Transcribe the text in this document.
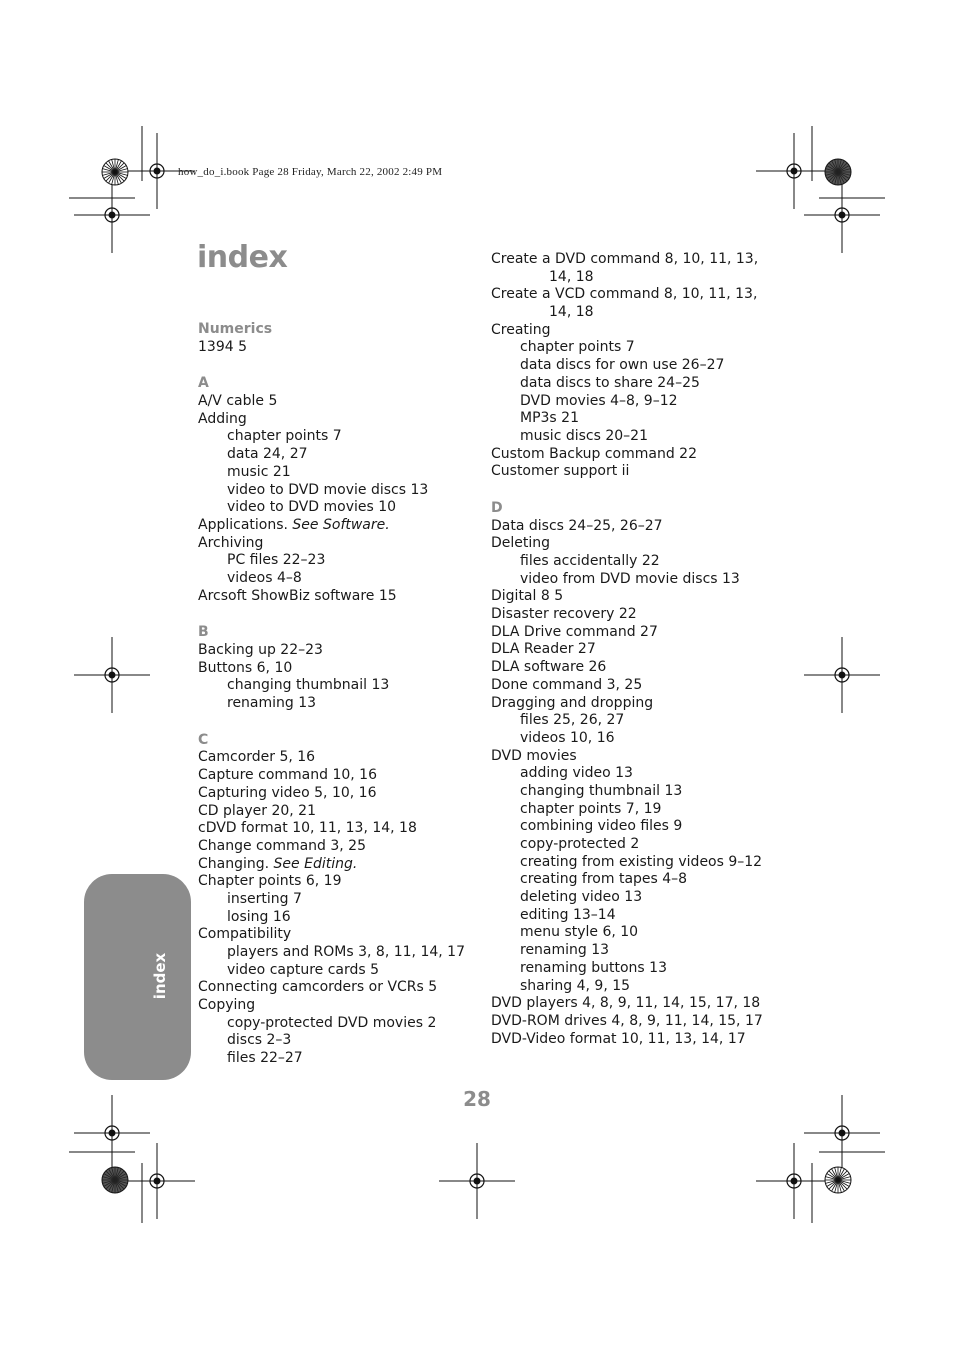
how_do_i.book Page 28 Friday, March 22, 2002 2:49 PM
index
Numerics
1394 5
A
A/V cable 5
Adding
chapter points 7
data 24, 27
music 21
video to DVD movie discs 13
video to DVD movies 10
Applications. See Software.
Archiving
PC files 22–23
videos 4–8
Arcsoft ShowBiz software 15
B
Backing up 22–23
Buttons 6, 10
changing thumbnail 13
renaming 13
C
Camcorder 5, 16
Capture command 10, 16
Capturing video 5, 10, 16
CD player 20, 21
cDVD format 10, 11, 13, 14, 18
Change command 3, 25
Changing. See Editing.
Chapter points 6, 19
inserting 7
losing 16
Compatibility
players and ROMs 3, 8, 11, 14, 17
video capture cards 5
Connecting camcorders or VCRs 5
Copying
copy-protected DVD movies 2
discs 2–3
files 22–27
Create a DVD command 8, 10, 11, 13,
14, 18
Create a VCD command 8, 10, 11, 13,
14, 18
Creating
chapter points 7
data discs for own use 26–27
data discs to share 24–25
DVD movies 4–8, 9–12
MP3s 21
music discs 20–21
Custom Backup command 22
Customer support ii
D
Data discs 24–25, 26–27
Deleting
files accidentally 22
video from DVD movie discs 13
Digital 8 5
Disaster recovery 22
DLA Drive command 27
DLA Reader 27
DLA software 26
Done command 3, 25
Dragging and dropping
files 25, 26, 27
videos 10, 16
DVD movies
adding video 13
changing thumbnail 13
chapter points 7, 19
combining video files 9
copy-protected 2
creating from existing videos 9–12
creating from tapes 4–8
deleting video 13
editing 13–14
menu style 6, 10
renaming 13
renaming buttons 13
sharing 4, 9, 15
DVD players 4, 8, 9, 11, 14, 15, 17, 18
DVD-ROM drives 4, 8, 9, 11, 14, 15, 17
DVD-Video format 10, 11, 13, 14, 17
index
28
